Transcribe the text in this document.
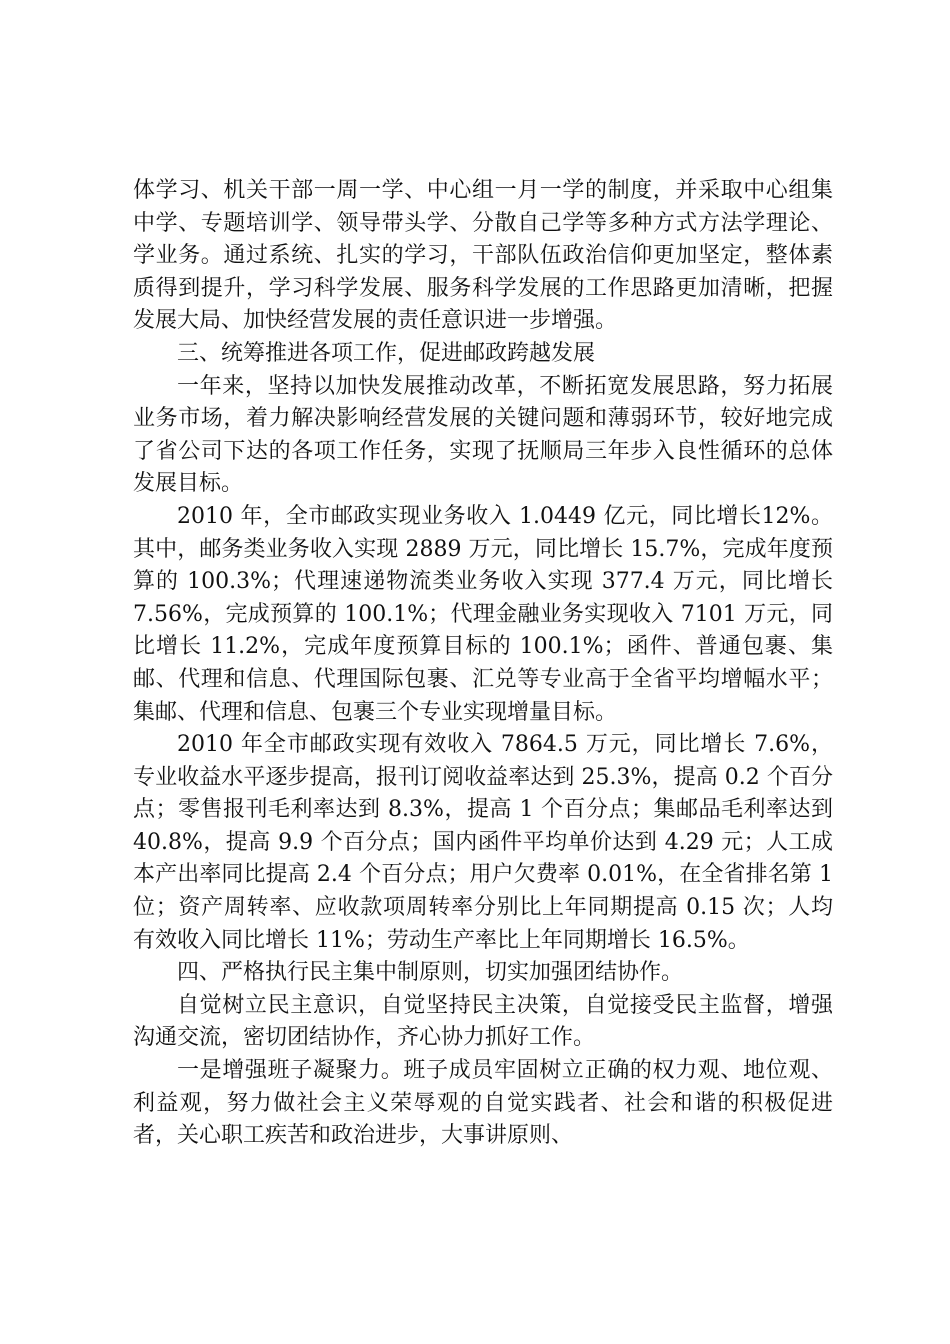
体学习、机关干部一周一学、中心组一月一学的制度，并采取中心组集中学、专题培训学、领导带头学、分散自己学等多种方式方法学理论、学业务。通过系统、扎实的学习，干部队伍政治信仰更加坚定，整体素质得到提升，学习科学发展、服务科学发展的工作思路更加清晰，把握发展大局、加快经营发展的责任意识进一步增强。

三、统筹推进各项工作，促进邮政跨越发展

一年来，坚持以加快发展推动改革，不断拓宽发展思路，努力拓展业务市场，着力解决影响经营发展的关键问题和薄弱环节，较好地完成了省公司下达的各项工作任务，实现了抚顺局三年步入良性循环的总体发展目标。

2010 年，全市邮政实现业务收入 1.0449 亿元，同比增长12%。其中，邮务类业务收入实现 2889 万元，同比增长 15.7%，完成年度预算的 100.3%；代理速递物流类业务收入实现 377.4 万元，同比增长 7.56%，完成预算的 100.1%；代理金融业务实现收入 7101 万元，同比增长 11.2%，完成年度预算目标的 100.1%；函件、普通包裹、集邮、代理和信息、代理国际包裹、汇兑等专业高于全省平均增幅水平；集邮、代理和信息、包裹三个专业实现增量目标。

2010 年全市邮政实现有效收入 7864.5 万元，同比增长 7.6%，专业收益水平逐步提高，报刊订阅收益率达到 25.3%，提高 0.2 个百分点；零售报刊毛利率达到 8.3%，提高 1 个百分点；集邮品毛利率达到 40.8%，提高 9.9 个百分点；国内函件平均单价达到 4.29 元；人工成本产出率同比提高 2.4 个百分点；用户欠费率 0.01%，在全省排名第 1 位；资产周转率、应收款项周转率分别比上年同期提高 0.15 次；人均有效收入同比增长 11%；劳动生产率比上年同期增长 16.5%。

四、严格执行民主集中制原则，切实加强团结协作。

自觉树立民主意识，自觉坚持民主决策，自觉接受民主监督，增强沟通交流，密切团结协作，齐心协力抓好工作。

一是增强班子凝聚力。班子成员牢固树立正确的权力观、地位观、利益观，努力做社会主义荣辱观的自觉实践者、社会和谐的积极促进者，关心职工疾苦和政治进步，大事讲原则、
